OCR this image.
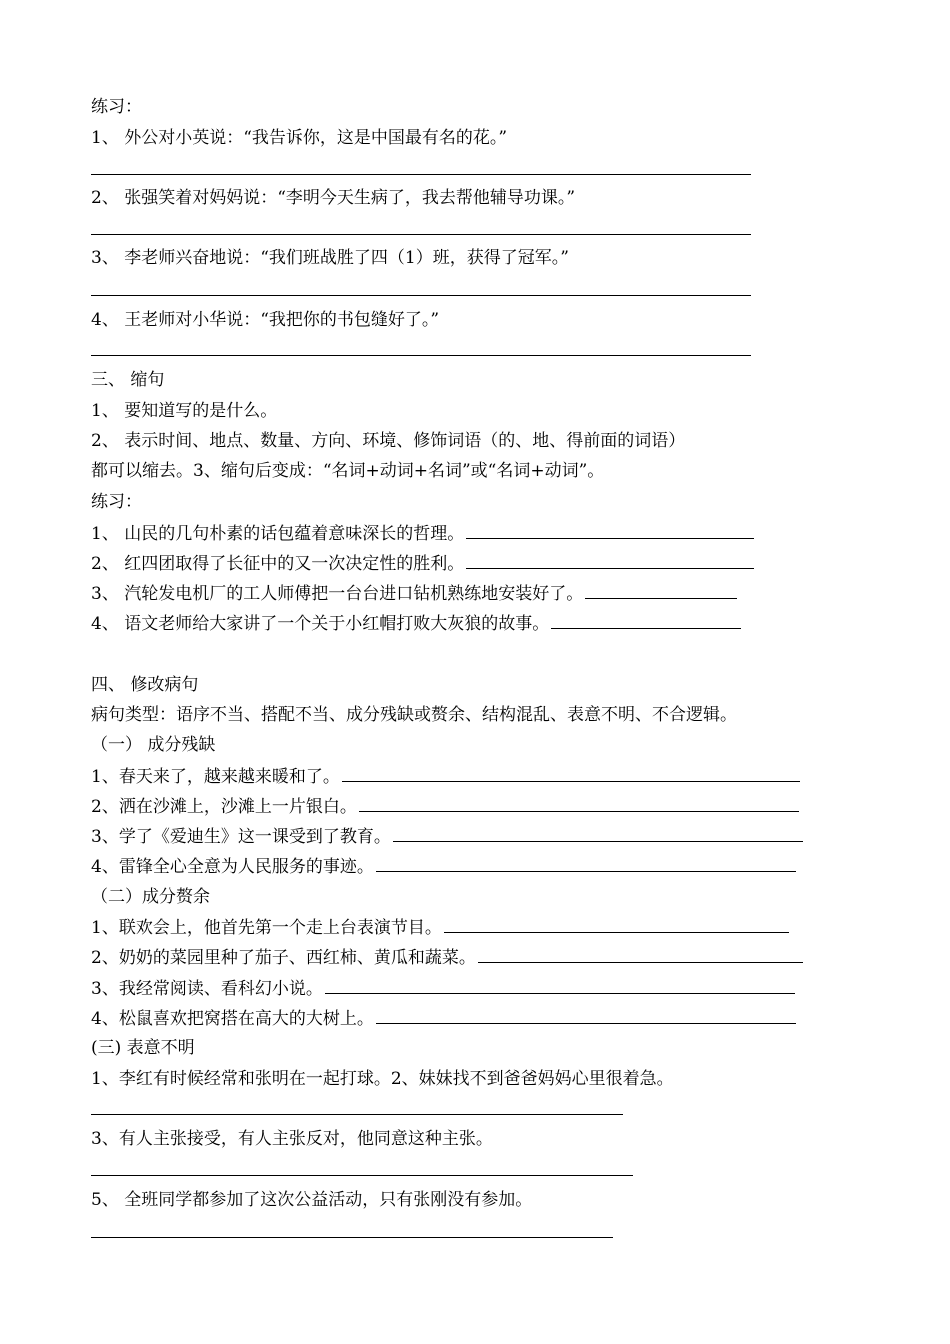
练习：
1、 外公对小英说：“我告诉你，这是中国最有名的花。”
2、 张强笑着对妈妈说：“李明今天生病了，我去帮他辅导功课。”
3、 李老师兴奋地说：“我们班战胜了四（1）班，获得了冠军。”
4、 王老师对小华说：“我把你的书包缝好了。”
三、 缩句
1、 要知道写的是什么。
2、 表示时间、地点、数量、方向、环境、修饰词语（的、地、得前面的词语）
都可以缩去。3、缩句后变成：“名词+动词+名词”或“名词+动词”。
练习：
1、 山民的几句朴素的话包蕴着意味深长的哲理。
2、 红四团取得了长征中的又一次决定性的胜利。
3、 汽轮发电机厂的工人师傅把一台台进口钻机熟练地安装好了。
4、 语文老师给大家讲了一个关于小红帽打败大灰狼的故事。
四、 修改病句
病句类型：语序不当、搭配不当、成分残缺或赘余、结构混乱、表意不明、不合逻辑。
（一） 成分残缺
1、春天来了，越来越来暖和了。
2、洒在沙滩上，沙滩上一片银白。
3、学了《爱迪生》这一课受到了教育。
4、雷锋全心全意为人民服务的事迹。
（二）成分赘余
1、联欢会上，他首先第一个走上台表演节目。
2、奶奶的菜园里种了茄子、西红柿、黄瓜和蔬菜。
3、我经常阅读、看科幻小说。
4、松鼠喜欢把窝搭在高大的大树上。
(三) 表意不明
1、李红有时候经常和张明在一起打球。2、妹妹找不到爸爸妈妈心里很着急。
3、有人主张接受，有人主张反对，他同意这种主张。
5、 全班同学都参加了这次公益活动，只有张刚没有参加。
